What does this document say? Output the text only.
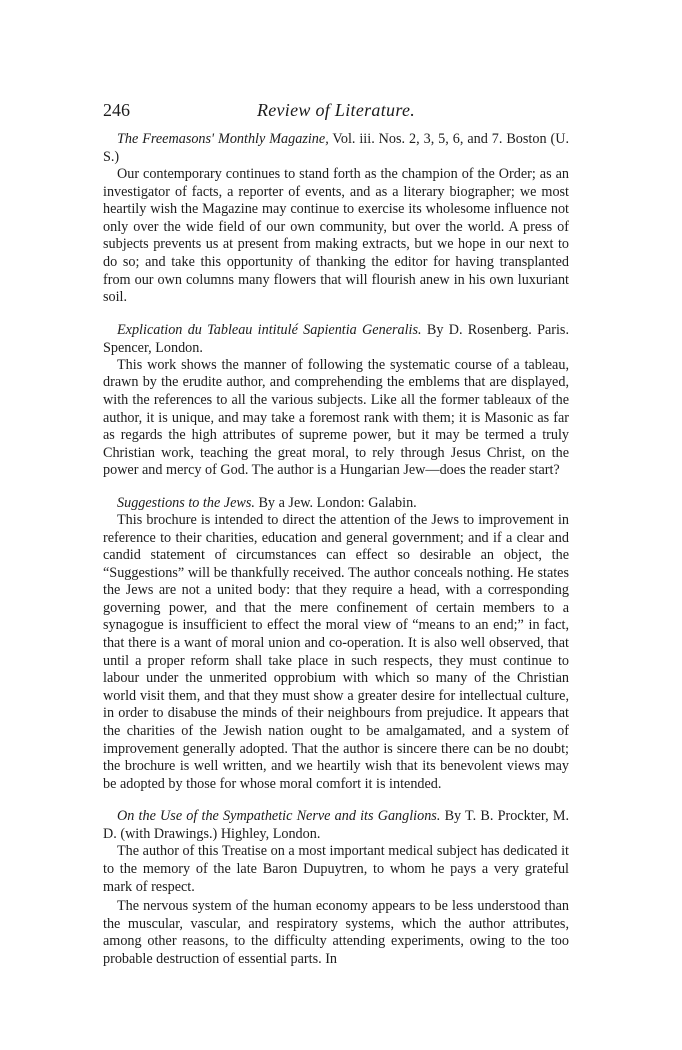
246	Review of Literature.

The Freemasons' Monthly Magazine, Vol. iii. Nos. 2, 3, 5, 6, and 7. Boston (U. S.)

Our contemporary continues to stand forth as the champion of the Order; as an investigator of facts, a reporter of events, and as a literary biographer; we most heartily wish the Magazine may continue to exercise its wholesome influence not only over the wide field of our own community, but over the world. A press of subjects prevents us at present from making extracts, but we hope in our next to do so; and take this opportunity of thanking the editor for having transplanted from our own columns many flowers that will flourish anew in his own luxuriant soil.

Explication du Tableau intitulé Sapientia Generalis. By D. Rosenberg. Paris. Spencer, London.

This work shows the manner of following the systematic course of a tableau, drawn by the erudite author, and comprehending the emblems that are displayed, with the references to all the various subjects. Like all the former tableaux of the author, it is unique, and may take a foremost rank with them; it is Masonic as far as regards the high attributes of supreme power, but it may be termed a truly Christian work, teaching the great moral, to rely through Jesus Christ, on the power and mercy of God. The author is a Hungarian Jew—does the reader start?

Suggestions to the Jews. By a Jew. London: Galabin.

This brochure is intended to direct the attention of the Jews to improvement in reference to their charities, education and general government; and if a clear and candid statement of circumstances can effect so desirable an object, the “Suggestions” will be thankfully received. The author conceals nothing. He states the Jews are not a united body: that they require a head, with a corresponding governing power, and that the mere confinement of certain members to a synagogue is insufficient to effect the moral view of “means to an end;” in fact, that there is a want of moral union and co-operation. It is also well observed, that until a proper reform shall take place in such respects, they must continue to labour under the unmerited opprobium with which so many of the Christian world visit them, and that they must show a greater desire for intellectual culture, in order to disabuse the minds of their neighbours from prejudice. It appears that the charities of the Jewish nation ought to be amalgamated, and a system of improvement generally adopted. That the author is sincere there can be no doubt; the brochure is well written, and we heartily wish that its benevolent views may be adopted by those for whose moral comfort it is intended.

On the Use of the Sympathetic Nerve and its Ganglions. By T. B. Prockter, M. D. (with Drawings.) Highley, London.

The author of this Treatise on a most important medical subject has dedicated it to the memory of the late Baron Dupuytren, to whom he pays a very grateful mark of respect.

The nervous system of the human economy appears to be less understood than the muscular, vascular, and respiratory systems, which the author attributes, among other reasons, to the difficulty attending experiments, owing to the too probable destruction of essential parts. In
